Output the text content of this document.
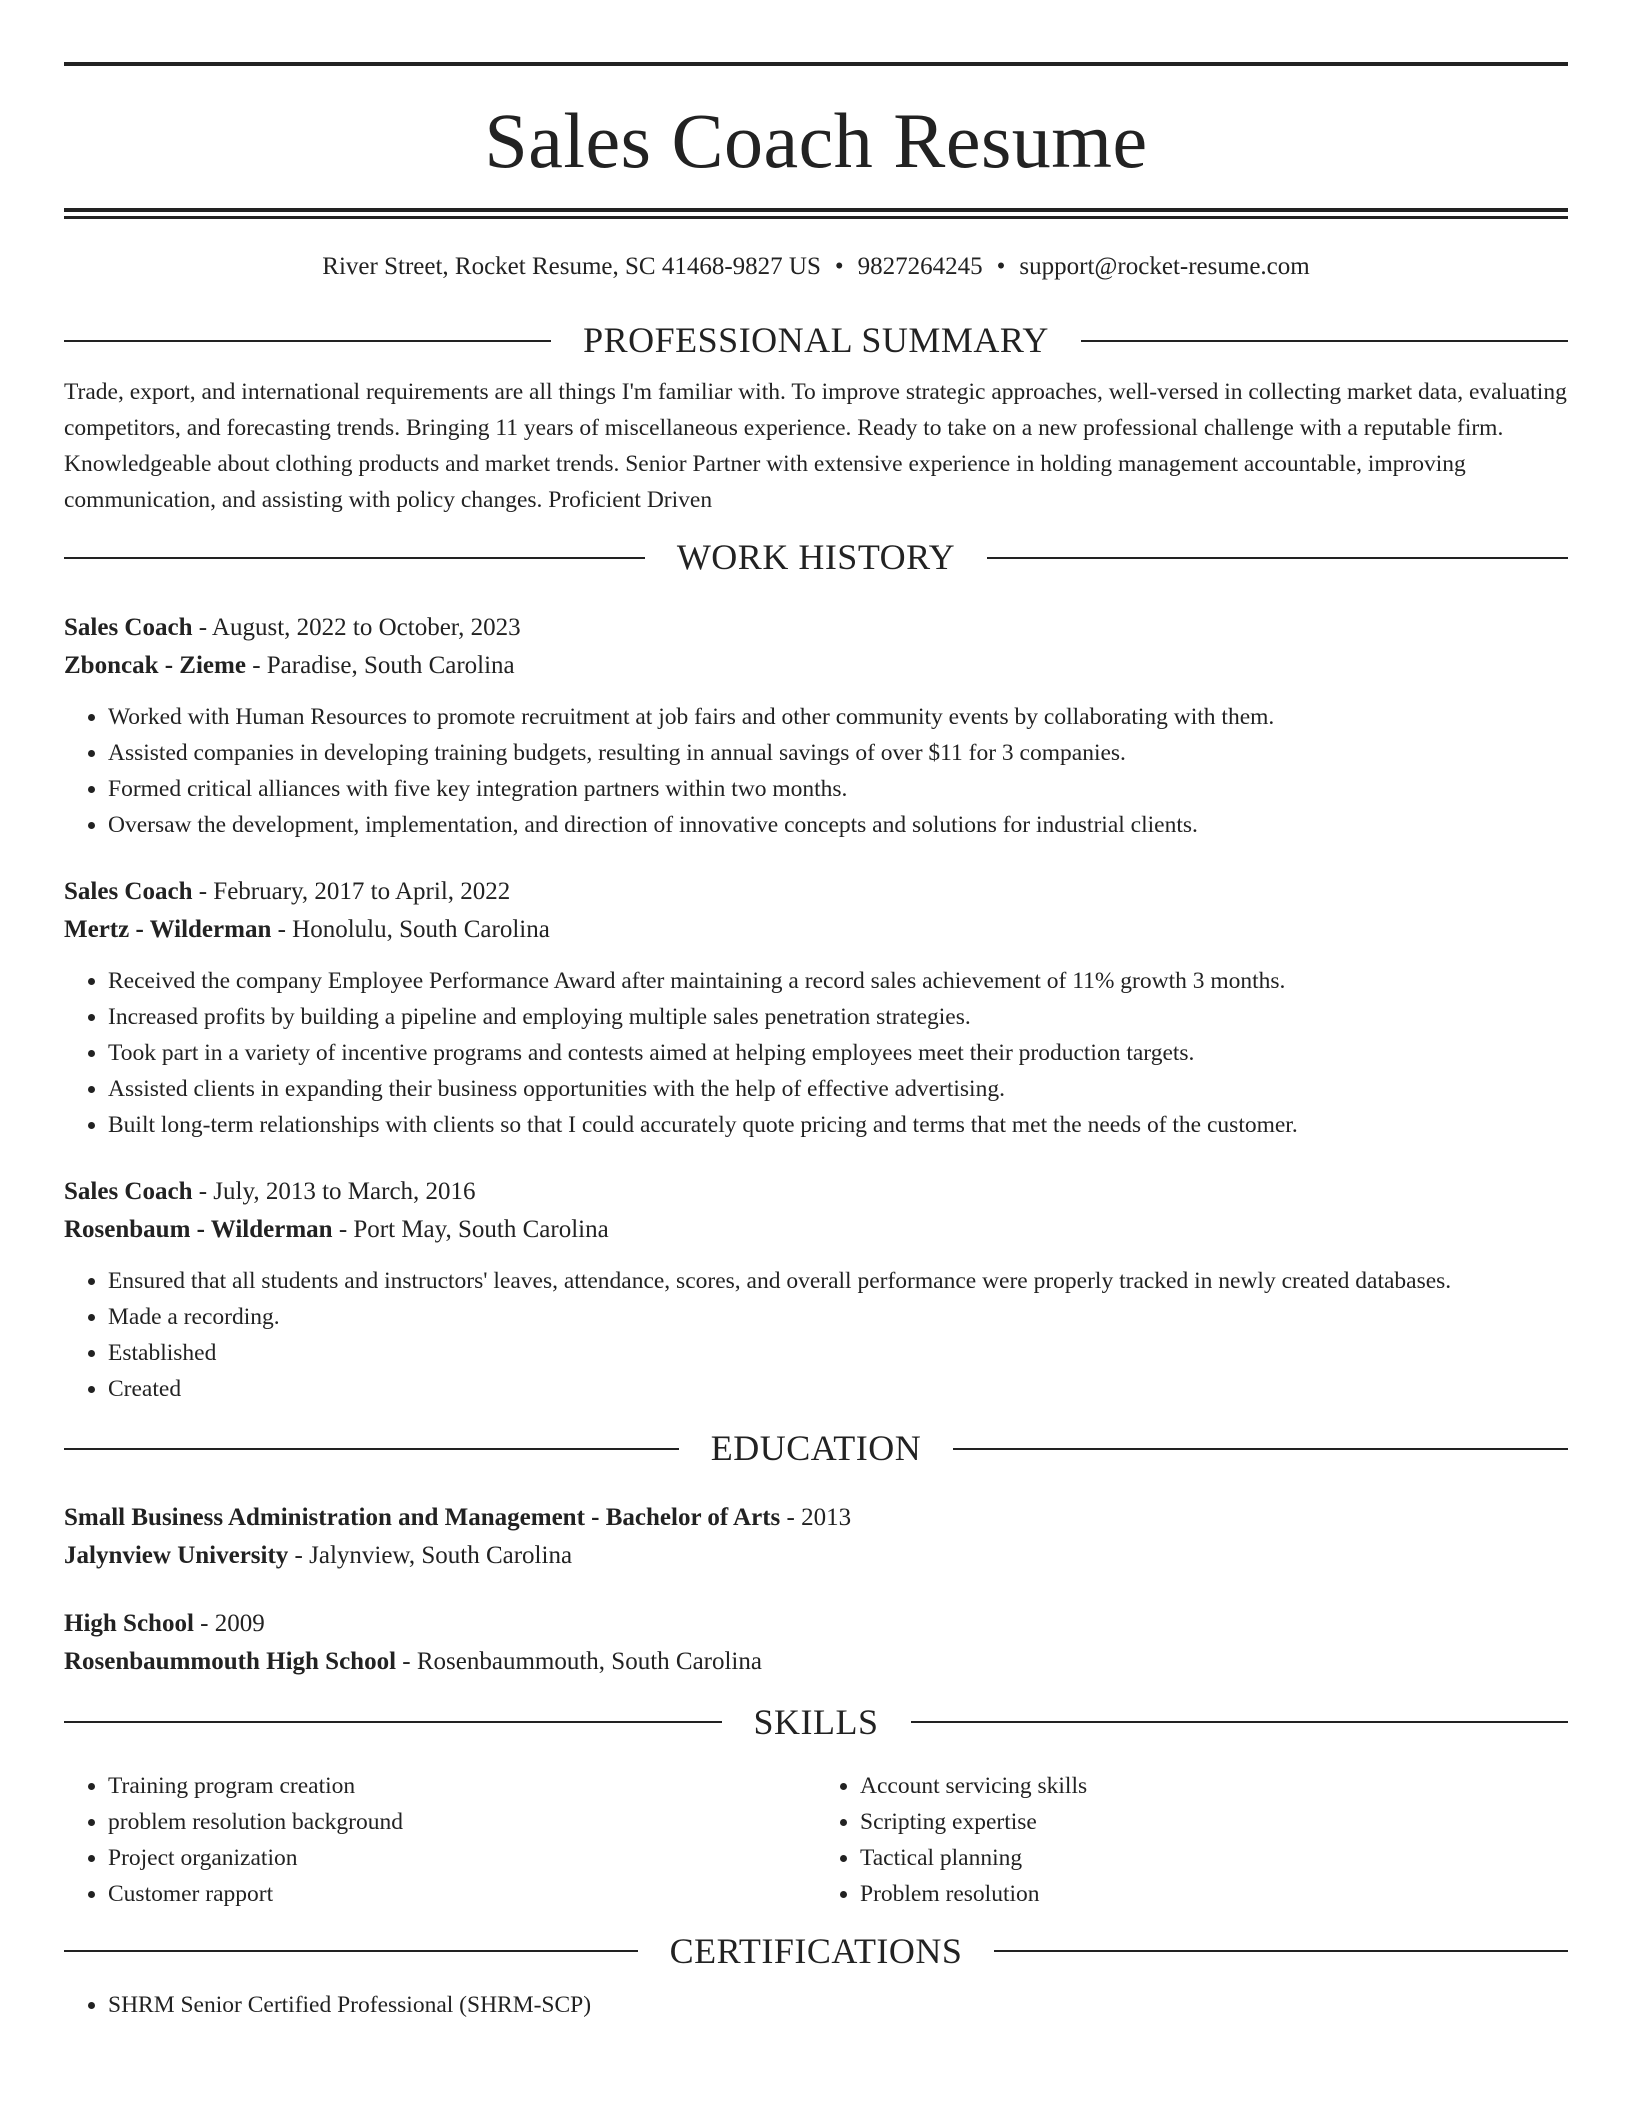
Sales Coach Resume
River Street, Rocket Resume, SC 41468-9827 US • 9827264245 • support@rocket-resume.com
PROFESSIONAL SUMMARY

Trade, export, and international requirements are all things I'm familiar with. To improve strategic approaches, well-versed in collecting market data, evaluating competitors, and forecasting trends. Bringing 11 years of miscellaneous experience. Ready to take on a new professional challenge with a reputable firm. Knowledgeable about clothing products and market trends. Senior Partner with extensive experience in holding management accountable, improving communication, and assisting with policy changes. Proficient Driven

WORK HISTORY
Sales Coach - August, 2022 to October, 2023
Zboncak - Zieme - Paradise, South Carolina
• Worked with Human Resources to promote recruitment at job fairs and other community events by collaborating with them.
• Assisted companies in developing training budgets, resulting in annual savings of over $11 for 3 companies.
• Formed critical alliances with five key integration partners within two months.
• Oversaw the development, implementation, and direction of innovative concepts and solutions for industrial clients.
Sales Coach - February, 2017 to April, 2022
Mertz - Wilderman - Honolulu, South Carolina
• Received the company Employee Performance Award after maintaining a record sales achievement of 11% growth 3 months.
• Increased profits by building a pipeline and employing multiple sales penetration strategies.
• Took part in a variety of incentive programs and contests aimed at helping employees meet their production targets.
• Assisted clients in expanding their business opportunities with the help of effective advertising.
• Built long-term relationships with clients so that I could accurately quote pricing and terms that met the needs of the customer.
Sales Coach - July, 2013 to March, 2016
Rosenbaum - Wilderman - Port May, South Carolina
• Ensured that all students and instructors' leaves, attendance, scores, and overall performance were properly tracked in newly created databases.
• Made a recording.
• Established
• Created
EDUCATION
Small Business Administration and Management - Bachelor of Arts - 2013
Jalynview University - Jalynview, South Carolina
High School - 2009
Rosenbaummouth High School - Rosenbaummouth, South Carolina
SKILLS
• Training program creation
• problem resolution background
• Project organization
• Customer rapport
• Account servicing skills
• Scripting expertise
• Tactical planning
• Problem resolution
CERTIFICATIONS
• SHRM Senior Certified Professional (SHRM-SCP)
